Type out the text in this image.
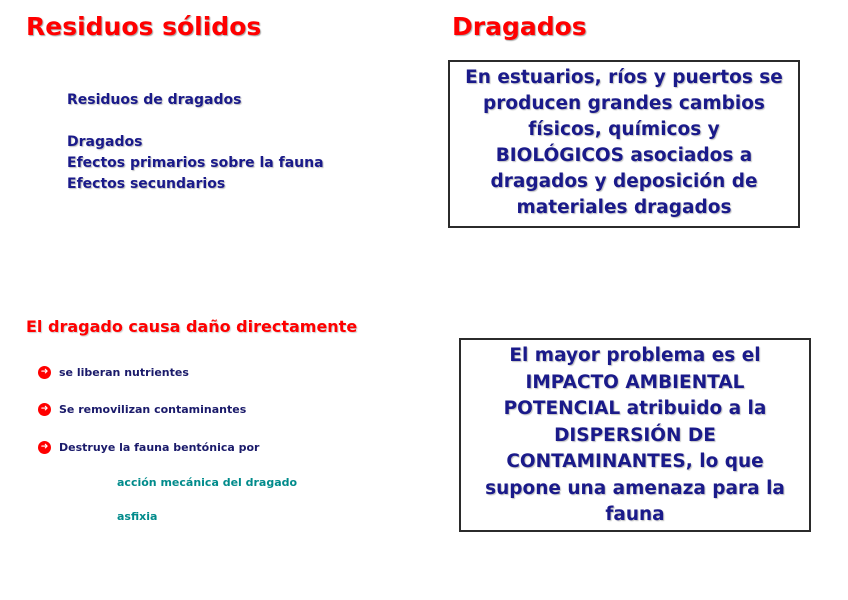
Residuos sólidos	Dragados
Residuos de dragados
Dragados
Efectos primarios sobre la fauna
Efectos secundarios
En estuarios, ríos y puertos se
producen grandes cambios
físicos, químicos y
BIOLÓGICOS asociados a
dragados y deposición de
materiales dragados
El dragado causa daño directamente
➜ se liberan nutrientes
➜ Se removilizan contaminantes
➜ Destruye la fauna bentónica por
acción mecánica del dragado
asfixia
El mayor problema es el
IMPACTO AMBIENTAL
POTENCIAL atribuido a la
DISPERSIÓN DE
CONTAMINANTES, lo que
supone una amenaza para la
fauna
